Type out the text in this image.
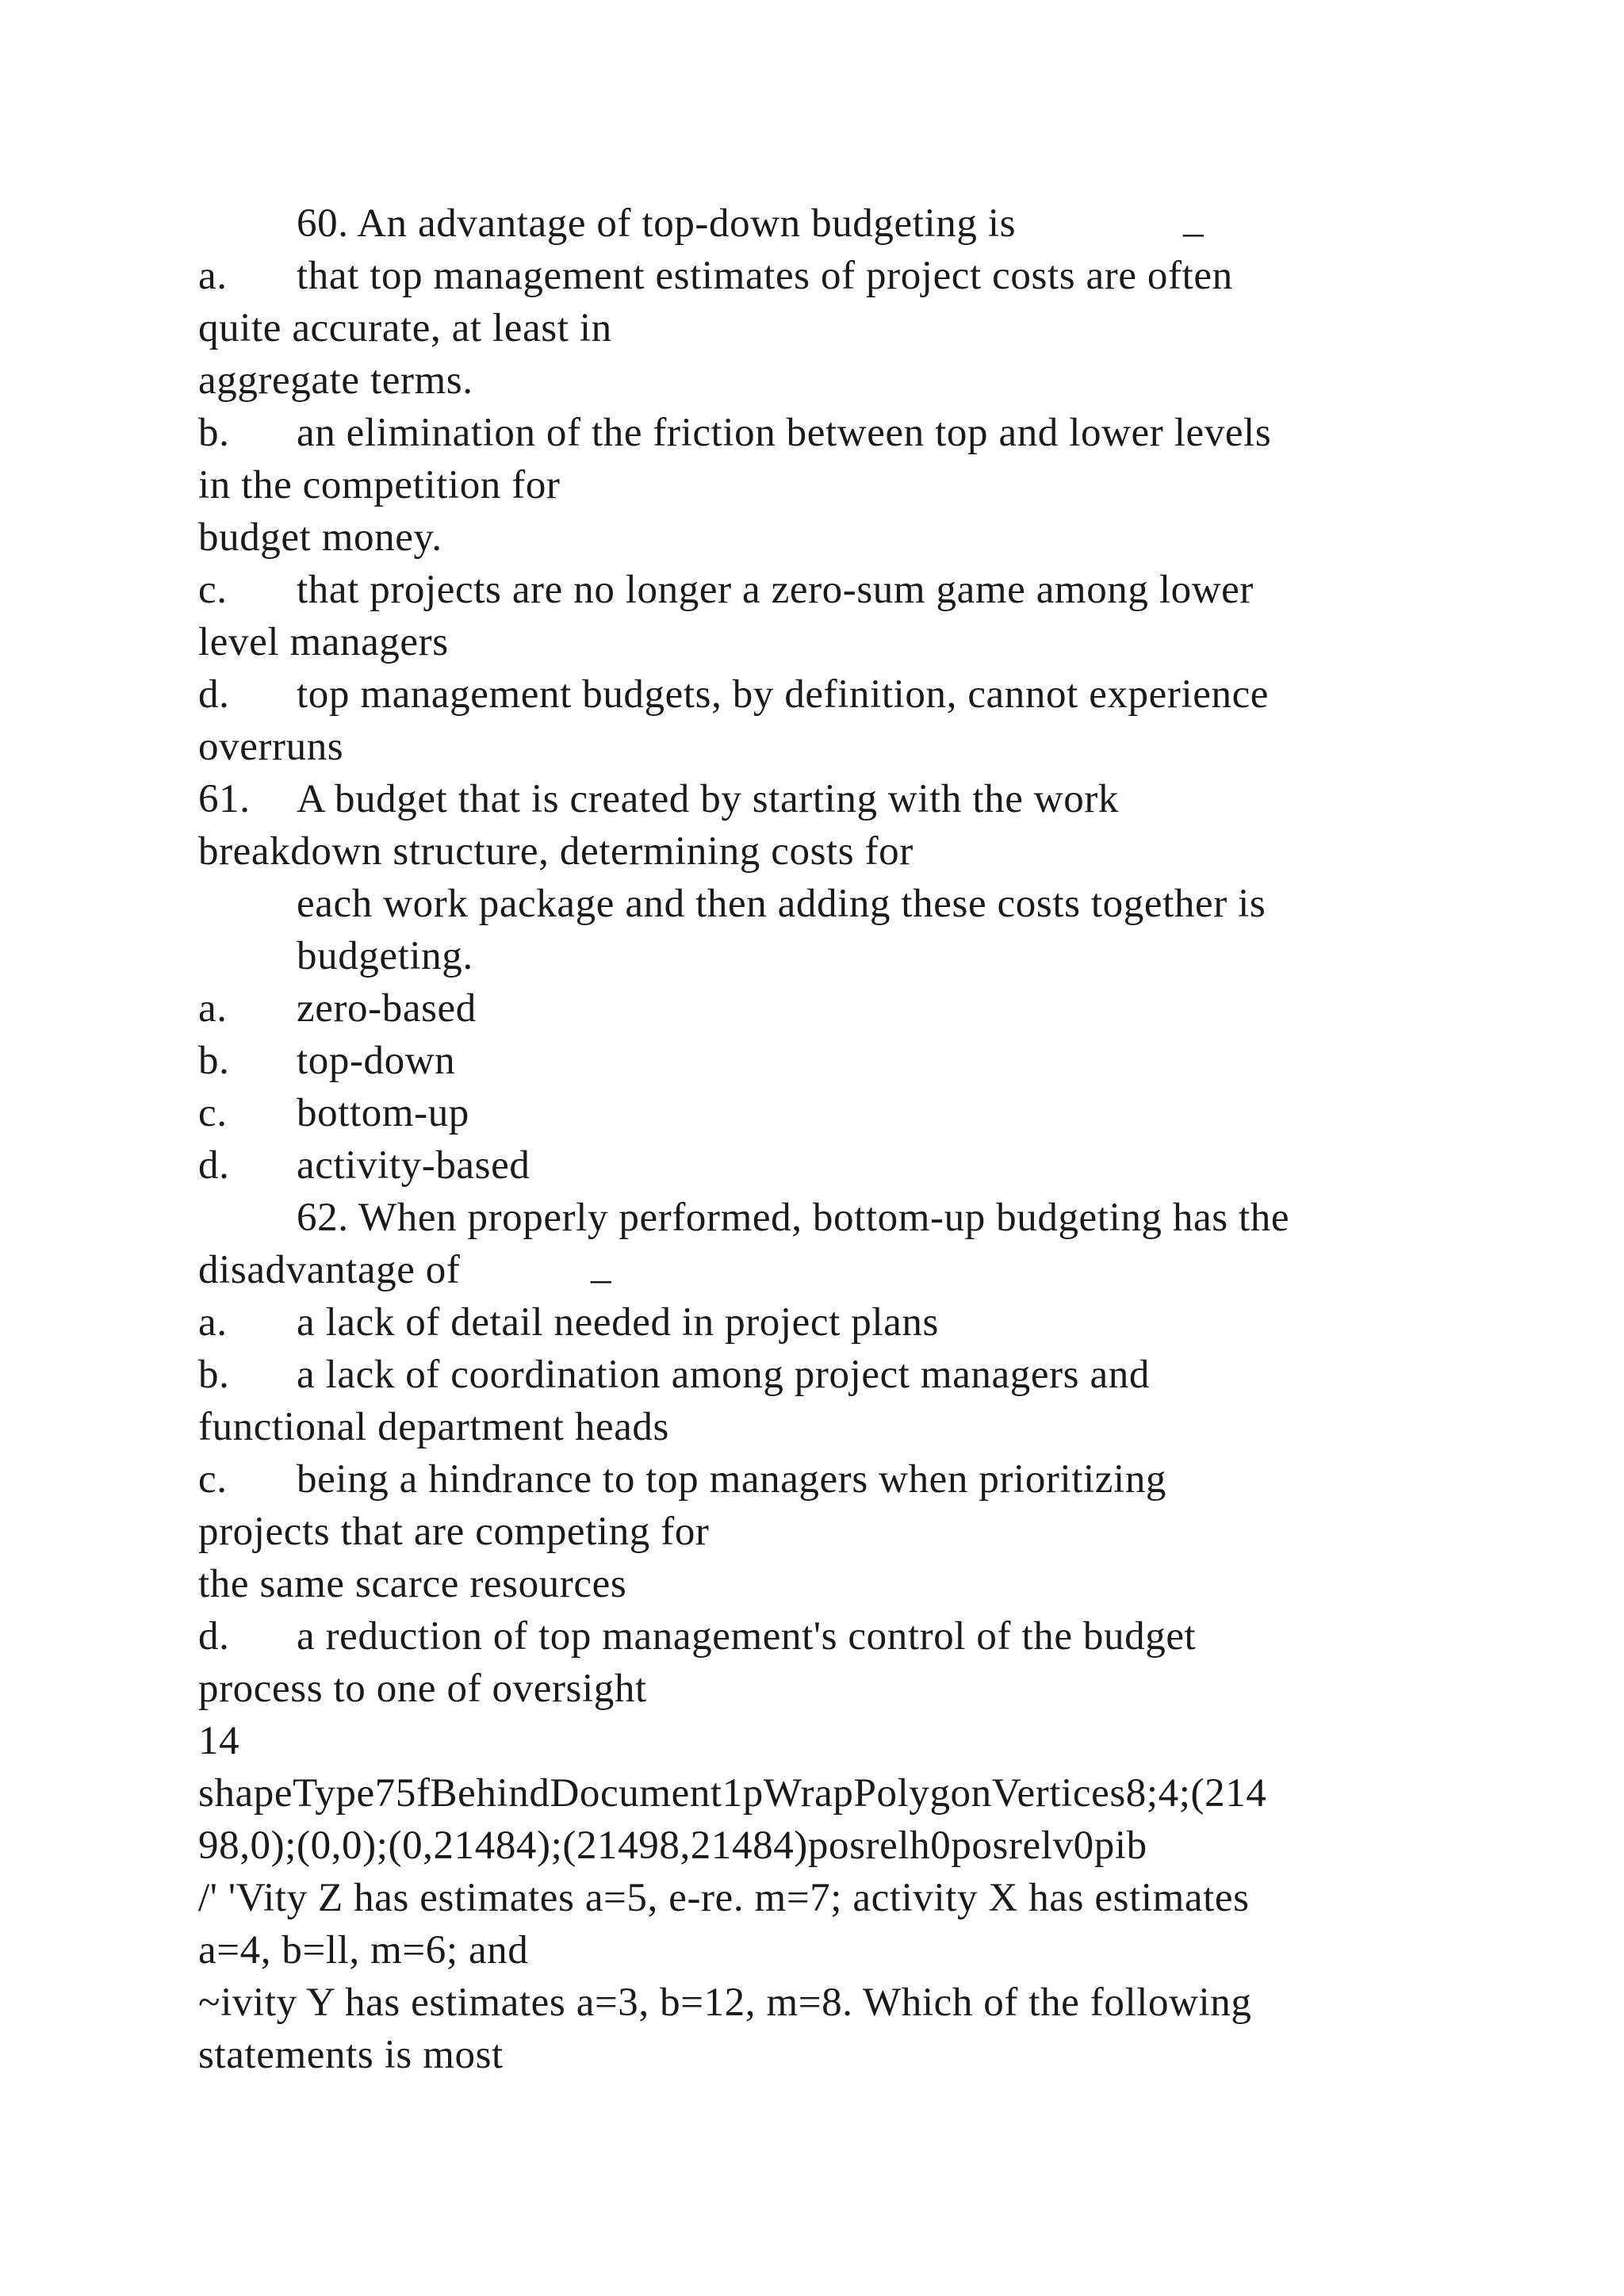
60. An advantage of top-down budgeting is	_
a. that top management estimates of project costs are often
quite accurate, at least in
aggregate terms.
b. an elimination of the friction between top and lower levels
in the competition for
budget money.
c. that projects are no longer a zero-sum game among lower
level managers
d. top management budgets, by definition, cannot experience
overruns
61. A budget that is created by starting with the work
breakdown structure, determining costs for
each work package and then adding these costs together is
budgeting.
a. zero-based
b. top-down
c. bottom-up
d. activity-based
62. When properly performed, bottom-up budgeting has the
disadvantage of	_
a. a lack of detail needed in project plans
b. a lack of coordination among project managers and
functional department heads
c. being a hindrance to top managers when prioritizing
projects that are competing for
the same scarce resources
d. a reduction of top management's control of the budget
process to one of oversight
14
shapeType75fBehindDocument1pWrapPolygonVertices8;4;(214
98,0);(0,0);(0,21484);(21498,21484)posrelh0posrelv0pib
/' 'Vity Z has estimates a=5, e-re. m=7; activity X has estimates
a=4, b=ll, m=6; and
~ivity Y has estimates a=3, b=12, m=8. Which of the following
statements is most
